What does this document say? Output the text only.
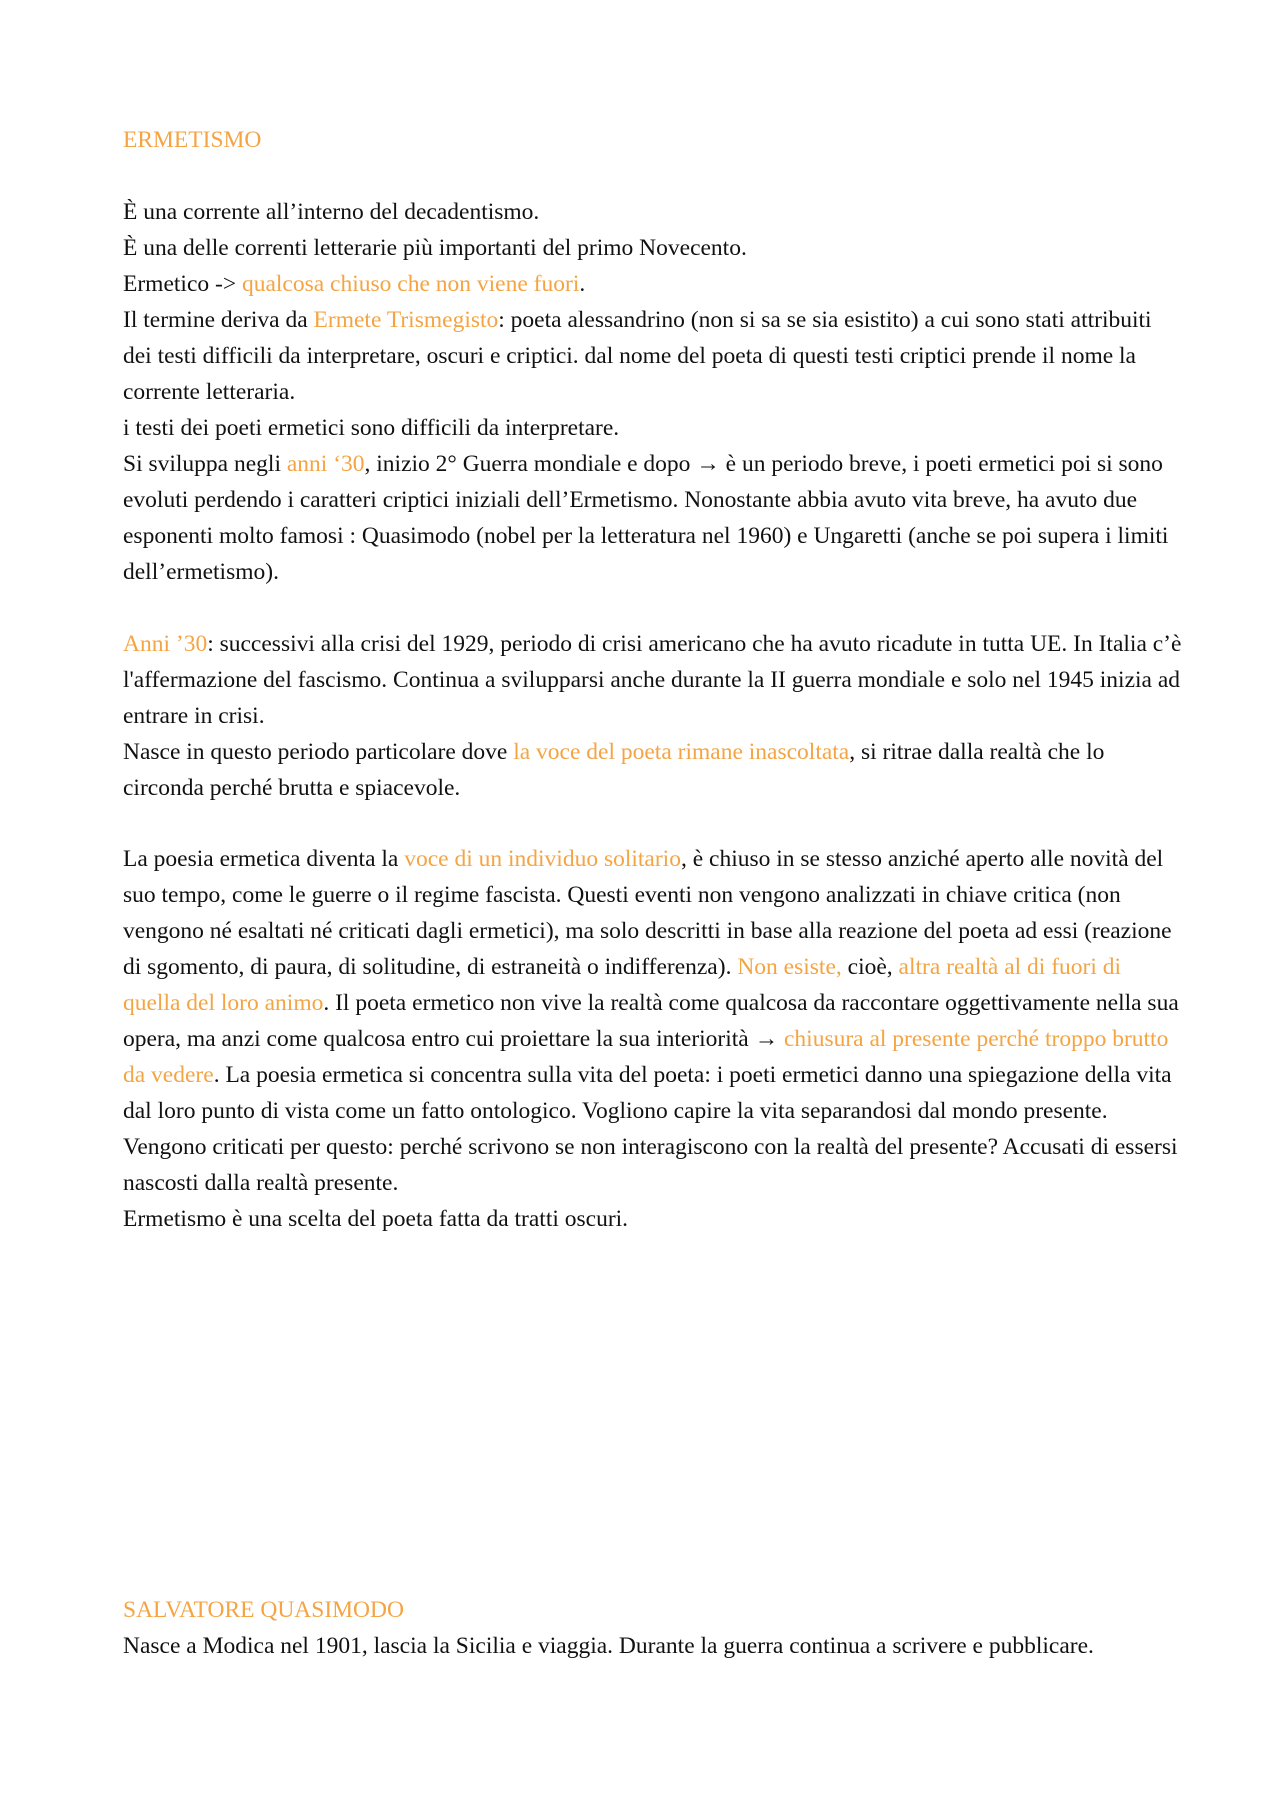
ERMETISMO

È una corrente all’interno del decadentismo.

È una delle correnti letterarie più importanti del primo Novecento.

Ermetico -> qualcosa chiuso che non viene fuori.

Il termine deriva da Ermete Trismegisto: poeta alessandrino (non si sa se sia esistito) a cui sono stati attribuiti dei testi difficili da interpretare, oscuri e criptici. dal nome del poeta di questi testi criptici prende il nome la corrente letteraria.

i testi dei poeti ermetici sono difficili da interpretare.

Si sviluppa negli anni ‘30, inizio 2° Guerra mondiale e dopo → è un periodo breve, i poeti ermetici poi si sono evoluti perdendo i caratteri criptici iniziali dell’Ermetismo. Nonostante abbia avuto vita breve, ha avuto due esponenti molto famosi : Quasimodo (nobel per la letteratura nel 1960) e Ungaretti (anche se poi supera i limiti dell’ermetismo).

Anni ’30: successivi alla crisi del 1929, periodo di crisi americano che ha avuto ricadute in tutta UE. In Italia c’è l'affermazione del fascismo. Continua a svilupparsi anche durante la II guerra mondiale e solo nel 1945 inizia ad entrare in crisi.

Nasce in questo periodo particolare dove la voce del poeta rimane inascoltata, si ritrae dalla realtà che lo circonda perché brutta e spiacevole.

La poesia ermetica diventa la voce di un individuo solitario, è chiuso in se stesso anziché aperto alle novità del suo tempo, come le guerre o il regime fascista. Questi eventi non vengono analizzati in chiave critica (non vengono né esaltati né criticati dagli ermetici), ma solo descritti in base alla reazione del poeta ad essi (reazione di sgomento, di paura, di solitudine, di estraneità o indifferenza). Non esiste, cioè, altra realtà al di fuori di quella del loro animo. Il poeta ermetico non vive la realtà come qualcosa da raccontare oggettivamente nella sua opera, ma anzi come qualcosa entro cui proiettare la sua interiorità → chiusura al presente perché troppo brutto da vedere. La poesia ermetica si concentra sulla vita del poeta: i poeti ermetici danno una spiegazione della vita dal loro punto di vista come un fatto ontologico. Vogliono capire la vita separandosi dal mondo presente. Vengono criticati per questo: perché scrivono se non interagiscono con la realtà del presente? Accusati di essersi nascosti dalla realtà presente.

Ermetismo è una scelta del poeta fatta da tratti oscuri.

SALVATORE QUASIMODO

Nasce a Modica nel 1901, lascia la Sicilia e viaggia. Durante la guerra continua a scrivere e pubblicare.
